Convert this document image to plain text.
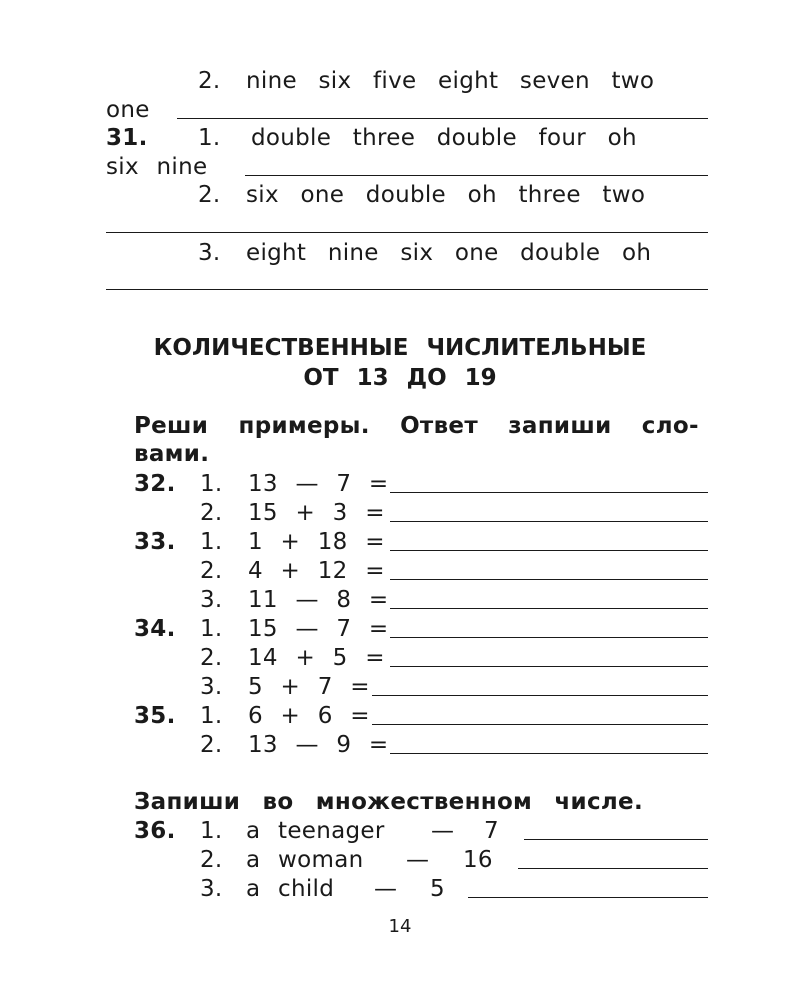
2. nine six five eight seven two
one
31. 1. double three double four oh
six nine
2. six one double oh three two
3. eight nine six one double oh
КОЛИЧЕСТВЕННЫЕ ЧИСЛИТЕЛЬНЫЕ
ОТ 13 ДО 19
Реши примеры. Ответ запиши сло-
вами.
32. 1. 13 — 7 =
2. 15 + 3 =
33. 1. 1 + 18 =
2. 4 + 12 =
3. 11 — 8 =
34. 1. 15 — 7 =
2. 14 + 5 =
3. 5 + 7 =
35. 1. 6 + 6 =
2. 13 — 9 =
Запиши во множественном числе.
36. 1. a teenager — 7
2. a woman — 16
3. a child — 5
14
